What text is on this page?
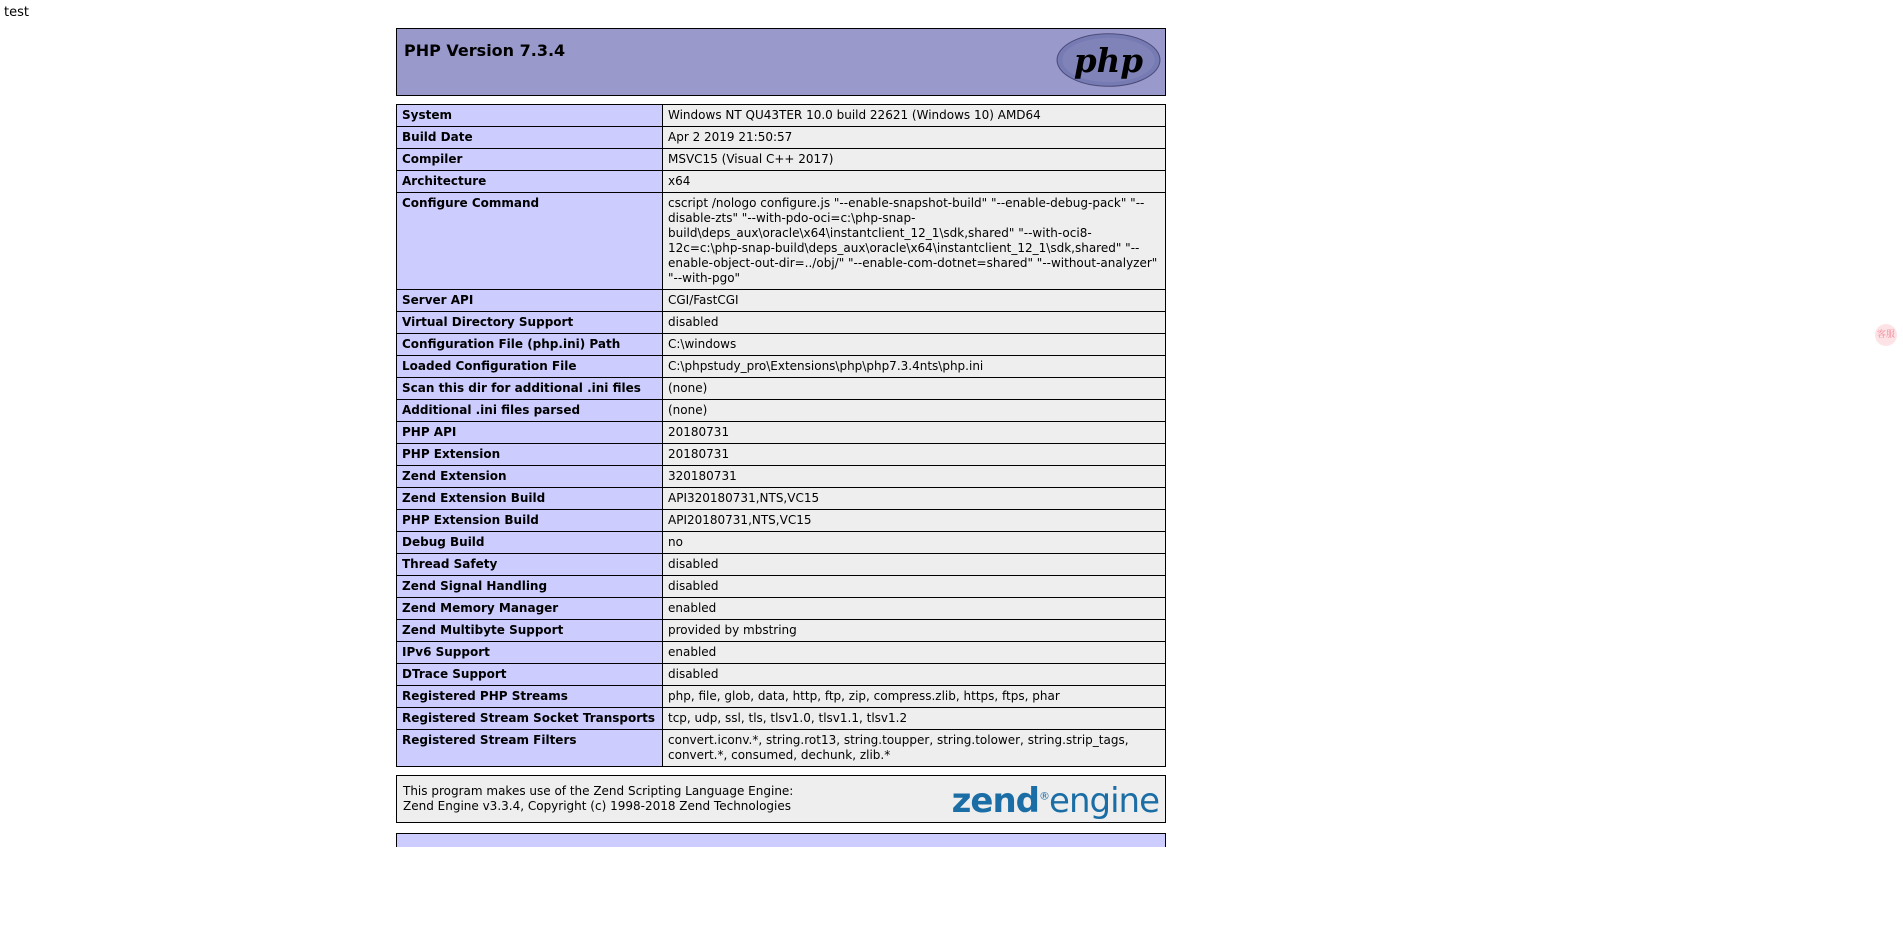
test
PHP Version 7.3.4	php
System	Windows NT QU43TER 10.0 build 22621 (Windows 10) AMD64
Build Date	Apr 2 2019 21:50:57
Compiler	MSVC15 (Visual C++ 2017)
Architecture	x64
Configure Command	cscript /nologo configure.js "--enable-snapshot-build" "--enable-debug-pack" "--disable-zts" "--with-pdo-oci=c:\php-snap-build\deps_aux\oracle\x64\instantclient_12_1\sdk,shared" "--with-oci8-12c=c:\php-snap-build\deps_aux\oracle\x64\instantclient_12_1\sdk,shared" "--enable-object-out-dir=../obj/" "--enable-com-dotnet=shared" "--without-analyzer" "--with-pgo"
Server API	CGI/FastCGI
Virtual Directory Support	disabled
Configuration File (php.ini) Path	C:\windows
Loaded Configuration File	C:\phpstudy_pro\Extensions\php\php7.3.4nts\php.ini
Scan this dir for additional .ini files	(none)
Additional .ini files parsed	(none)
PHP API	20180731
PHP Extension	20180731
Zend Extension	320180731
Zend Extension Build	API320180731,NTS,VC15
PHP Extension Build	API20180731,NTS,VC15
Debug Build	no
Thread Safety	disabled
Zend Signal Handling	disabled
Zend Memory Manager	enabled
Zend Multibyte Support	provided by mbstring
IPv6 Support	enabled
DTrace Support	disabled
Registered PHP Streams	php, file, glob, data, http, ftp, zip, compress.zlib, https, ftps, phar
Registered Stream Socket Transports	tcp, udp, ssl, tls, tlsv1.0, tlsv1.1, tlsv1.2
Registered Stream Filters	convert.iconv.*, string.rot13, string.toupper, string.tolower, string.strip_tags, convert.*, consumed, dechunk, zlib.*
This program makes use of the Zend Scripting Language Engine:
Zend Engine v3.3.4, Copyright (c) 1998-2018 Zend Technologies	zend®engine
客服
